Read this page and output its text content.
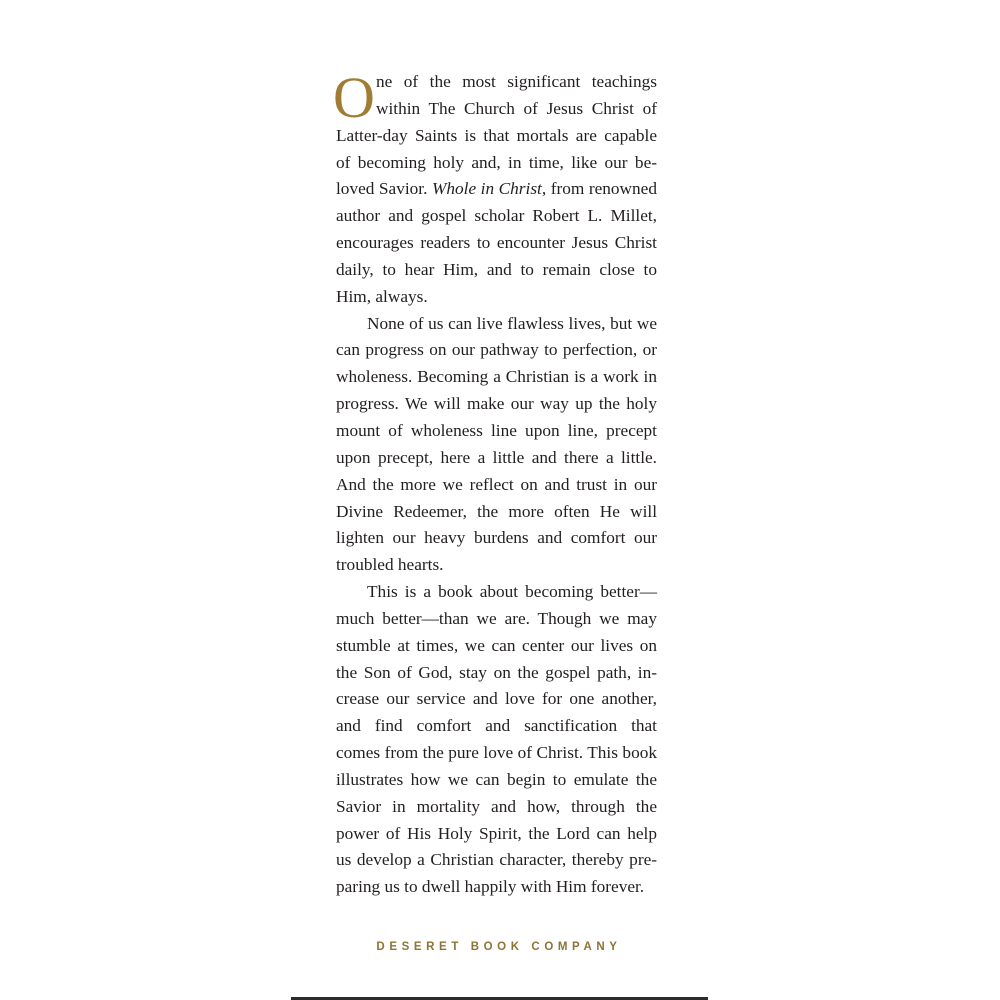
O ne of the most significant teachings
within The Church of Jesus Christ of
Latter-day Saints is that mortals are capable
of becoming holy and, in time, like our be-
loved Savior. Whole in Christ, from renowned
author and gospel scholar Robert L. Millet,
encourages readers to encounter Jesus Christ
daily, to hear Him, and to remain close to
Him, always.
None of us can live flawless lives, but we
can progress on our pathway to perfection, or
wholeness. Becoming a Christian is a work in
progress. We will make our way up the holy
mount of wholeness line upon line, precept
upon precept, here a little and there a little.
And the more we reflect on and trust in our
Divine Redeemer, the more often He will
lighten our heavy burdens and comfort our
troubled hearts.
This is a book about becoming better—
much better—than we are. Though we may
stumble at times, we can center our lives on
the Son of God, stay on the gospel path, in-
crease our service and love for one another,
and find comfort and sanctification that
comes from the pure love of Christ. This book
illustrates how we can begin to emulate the
Savior in mortality and how, through the
power of His Holy Spirit, the Lord can help
us develop a Christian character, thereby pre-
paring us to dwell happily with Him forever.
DESERET BOOK COMPANY
